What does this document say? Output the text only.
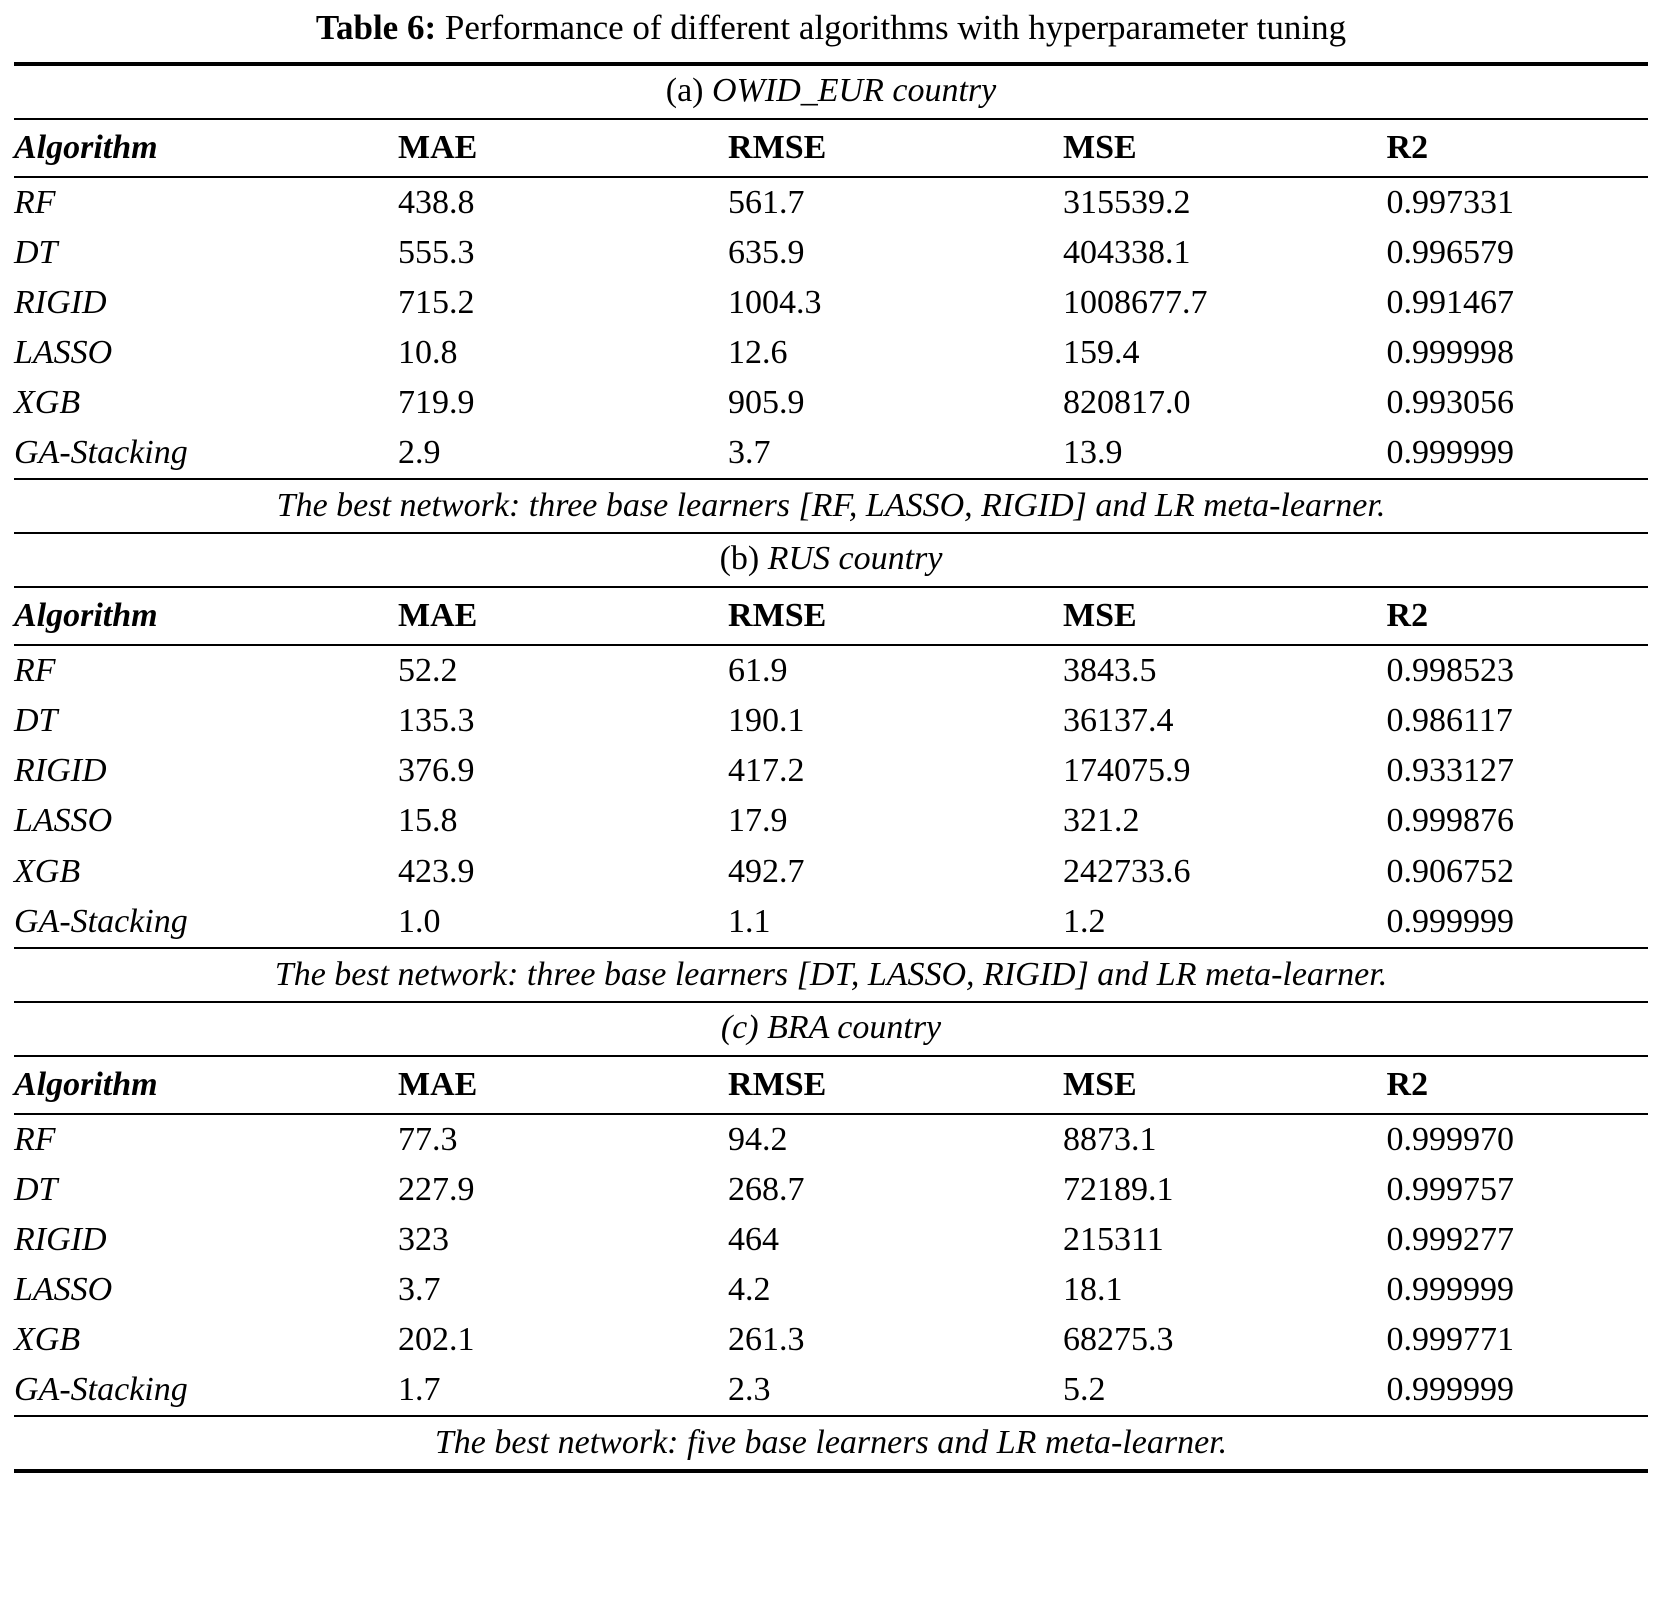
Table 6: Performance of different algorithms with hyperparameter tuning

(a) OWID_EUR country				

Algorithm	MAE	RMSE	MSE	R2

RF	438.8	561.7	315539.2	0.997331
DT	555.3	635.9	404338.1	0.996579
RIGID	715.2	1004.3	1008677.7	0.991467
LASSO	10.8	12.6	159.4	0.999998
XGB	719.9	905.9	820817.0	0.993056
GA-Stacking	2.9	3.7	13.9	0.999999

The best network: three base learners [RF, LASSO, RIGID] and LR meta-learner.				

(b) RUS country				

Algorithm	MAE	RMSE	MSE	R2

RF	52.2	61.9	3843.5	0.998523
DT	135.3	190.1	36137.4	0.986117
RIGID	376.9	417.2	174075.9	0.933127
LASSO	15.8	17.9	321.2	0.999876
XGB	423.9	492.7	242733.6	0.906752
GA-Stacking	1.0	1.1	1.2	0.999999

The best network: three base learners [DT, LASSO, RIGID] and LR meta-learner.				

(c) BRA country				

Algorithm	MAE	RMSE	MSE	R2

RF	77.3	94.2	8873.1	0.999970
DT	227.9	268.7	72189.1	0.999757
RIGID	323	464	215311	0.999277
LASSO	3.7	4.2	18.1	0.999999
XGB	202.1	261.3	68275.3	0.999771
GA-Stacking	1.7	2.3	5.2	0.999999

The best network: five base learners and LR meta-learner.				
